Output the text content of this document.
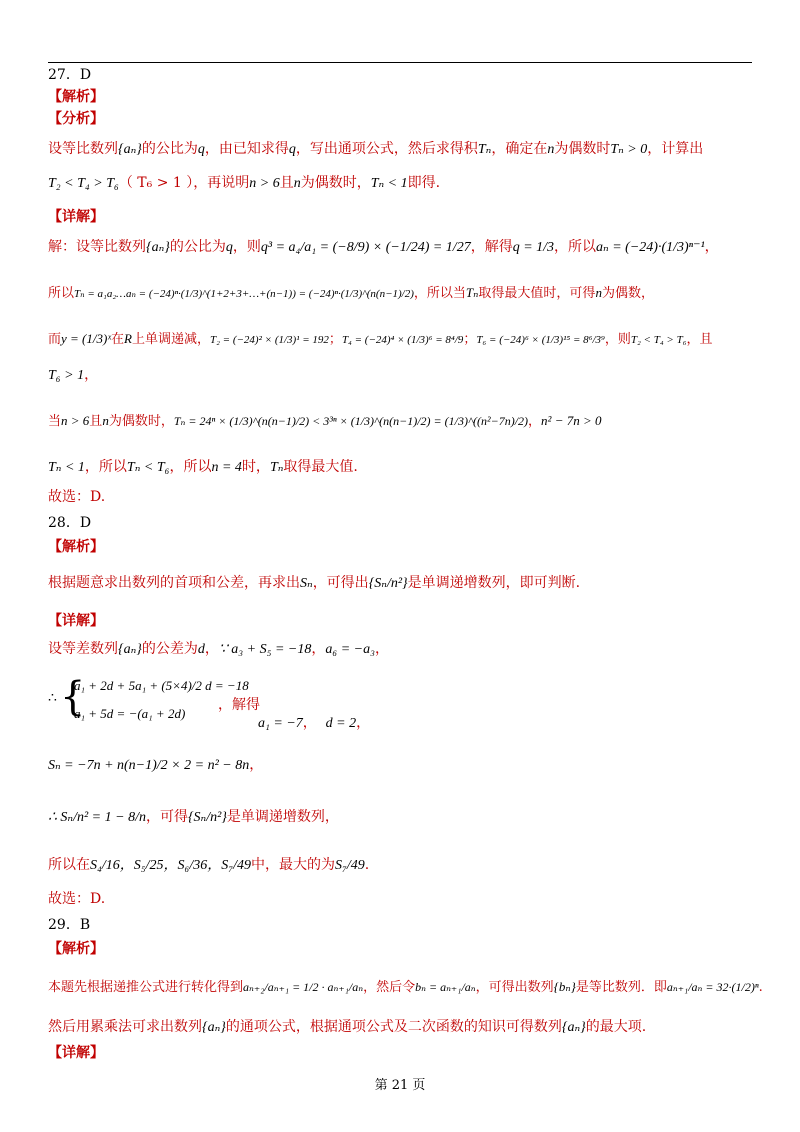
27．D
【解析】
【分析】
设等比数列{aₙ}的公比为q，由已知求得q，写出通项公式，然后求得积Tₙ，确定在n为偶数时Tₙ > 0，计算出
T₂ < T₄ > T₆（ T₆ > 1 ），再说明n > 6且n为偶数时，Tₙ < 1即得.
【详解】
解：设等比数列{aₙ}的公比为q，则q³ = a₄/a₁ = (−8/9) × (−1/24) = 1/27，解得q = 1/3，所以aₙ = (−24)·(1/3)ⁿ⁻¹，
所以Tₙ = a₁a₂…aₙ = (−24)ⁿ·(1/3)^(1+2+3+…+(n−1)) = (−24)ⁿ·(1/3)^(n(n−1)/2)，所以当Tₙ取得最大值时，可得n为偶数，
而y = (1/3)ˣ在R上单调递减，T₂ = (−24)² × (1/3)¹ = 192；T₄ = (−24)⁴ × (1/3)⁶ = 8⁴/9；T₆ = (−24)⁶ × (1/3)¹⁵ = 8⁶/3⁹，则T₂ < T₄ > T₆，且
T₆ > 1，
当n > 6且n为偶数时，Tₙ = 24ⁿ × (1/3)^(n(n−1)/2) < 3³ⁿ × (1/3)^(n(n−1)/2) = (1/3)^((n²−7n)/2)，n² − 7n > 0
Tₙ < 1，所以Tₙ < T₆，所以n = 4时，Tₙ取得最大值.
故选：D.
28．D
【解析】
根据题意求出数列的首项和公差，再求出Sₙ，可得出{Sₙ/n²}是单调递增数列，即可判断.
【详解】
设等差数列{aₙ}的公差为d，∵ a₃ + S₅ = −18，a₆ = −a₃，
∴ {
a₁ + 2d + 5a₁ + (5×4)/2 d = −18
a₁ + 5d = −(a₁ + 2d)
，解得
a₁ = −7， d = 2，
Sₙ = −7n + n(n−1)/2 × 2 = n² − 8n，
∴ Sₙ/n² = 1 − 8/n，可得{Sₙ/n²}是单调递增数列，
所以在S₄/16，S₅/25，S₆/36，S₇/49中，最大的为S₇/49.
故选：D.
29．B
【解析】
本题先根据递推公式进行转化得到aₙ₊₂/aₙ₊₁ = 1/2 · aₙ₊₁/aₙ，然后令bₙ = aₙ₊₁/aₙ，可得出数列{bₙ}是等比数列．即aₙ₊₁/aₙ = 32·(1/2)ⁿ.
然后用累乘法可求出数列{aₙ}的通项公式，根据通项公式及二次函数的知识可得数列{aₙ}的最大项.
【详解】
第 21 页
